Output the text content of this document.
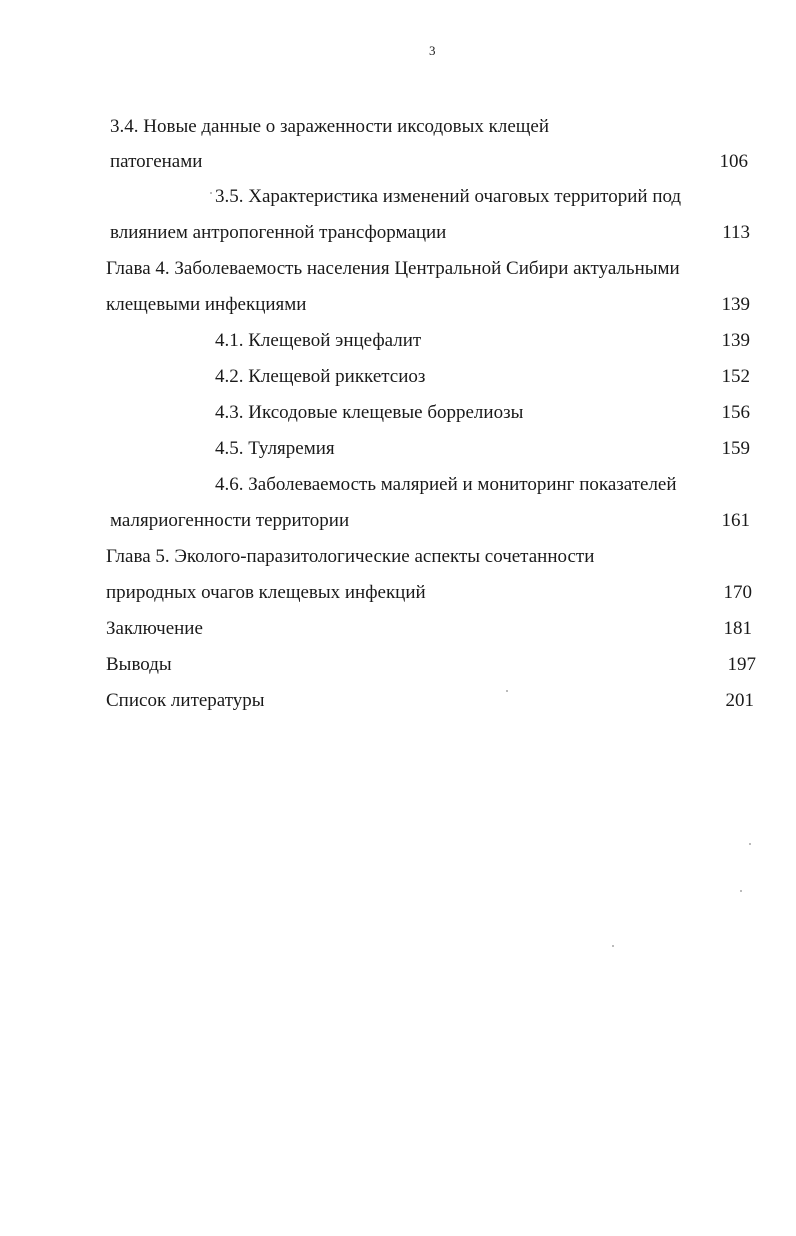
3
3.4. Новые данные о зараженности иксодовых клещей
патогенами	106
3.5. Характеристика изменений очаговых территорий под
влиянием антропогенной трансформации	113
Глава 4. Заболеваемость населения Центральной Сибири актуальными
клещевыми инфекциями	139
4.1. Клещевой энцефалит	139
4.2. Клещевой риккетсиоз	152
4.3. Иксодовые клещевые боррелиозы	156
4.5. Туляремия	159
4.6. Заболеваемость малярией и мониторинг показателей
маляриогенности территории	161
Глава 5. Эколого-паразитологические аспекты сочетанности
природных очагов клещевых инфекций	170
Заключение	181
Выводы	197
Список литературы	201
